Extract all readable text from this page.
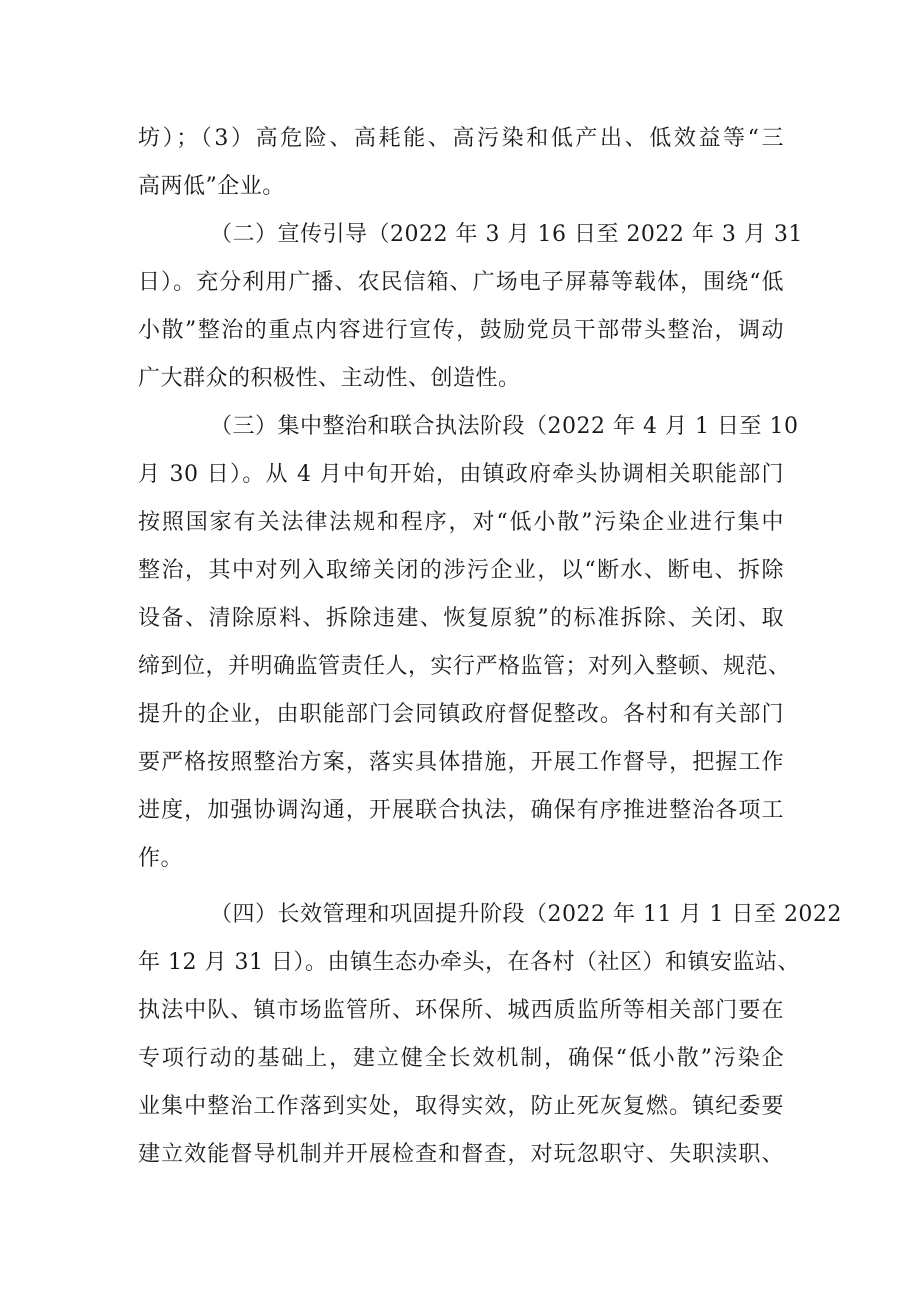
坊）；（3）高危险、高耗能、高污染和低产出、低效益等“三
高两低”企业。
（二）宣传引导（2022 年 3 月 16 日至 2022 年 3 月 31
日）。充分利用广播、农民信箱、广场电子屏幕等载体，围绕“低
小散”整治的重点内容进行宣传，鼓励党员干部带头整治，调动
广大群众的积极性、主动性、创造性。
（三）集中整治和联合执法阶段（2022 年 4 月 1 日至 10
月 30 日）。从 4 月中旬开始，由镇政府牵头协调相关职能部门
按照国家有关法律法规和程序，对“低小散”污染企业进行集中
整治，其中对列入取缔关闭的涉污企业，以“断水、断电、拆除
设备、清除原料、拆除违建、恢复原貌”的标准拆除、关闭、取
缔到位，并明确监管责任人，实行严格监管；对列入整顿、规范、
提升的企业，由职能部门会同镇政府督促整改。各村和有关部门
要严格按照整治方案，落实具体措施，开展工作督导，把握工作
进度，加强协调沟通，开展联合执法，确保有序推进整治各项工
作。
（四）长效管理和巩固提升阶段（2022 年 11 月 1 日至 2022
年 12 月 31 日）。由镇生态办牵头，在各村（社区）和镇安监站、
执法中队、镇市场监管所、环保所、城西质监所等相关部门要在
专项行动的基础上，建立健全长效机制，确保“低小散”污染企
业集中整治工作落到实处，取得实效，防止死灰复燃。镇纪委要
建立效能督导机制并开展检查和督查，对玩忽职守、失职渎职、
